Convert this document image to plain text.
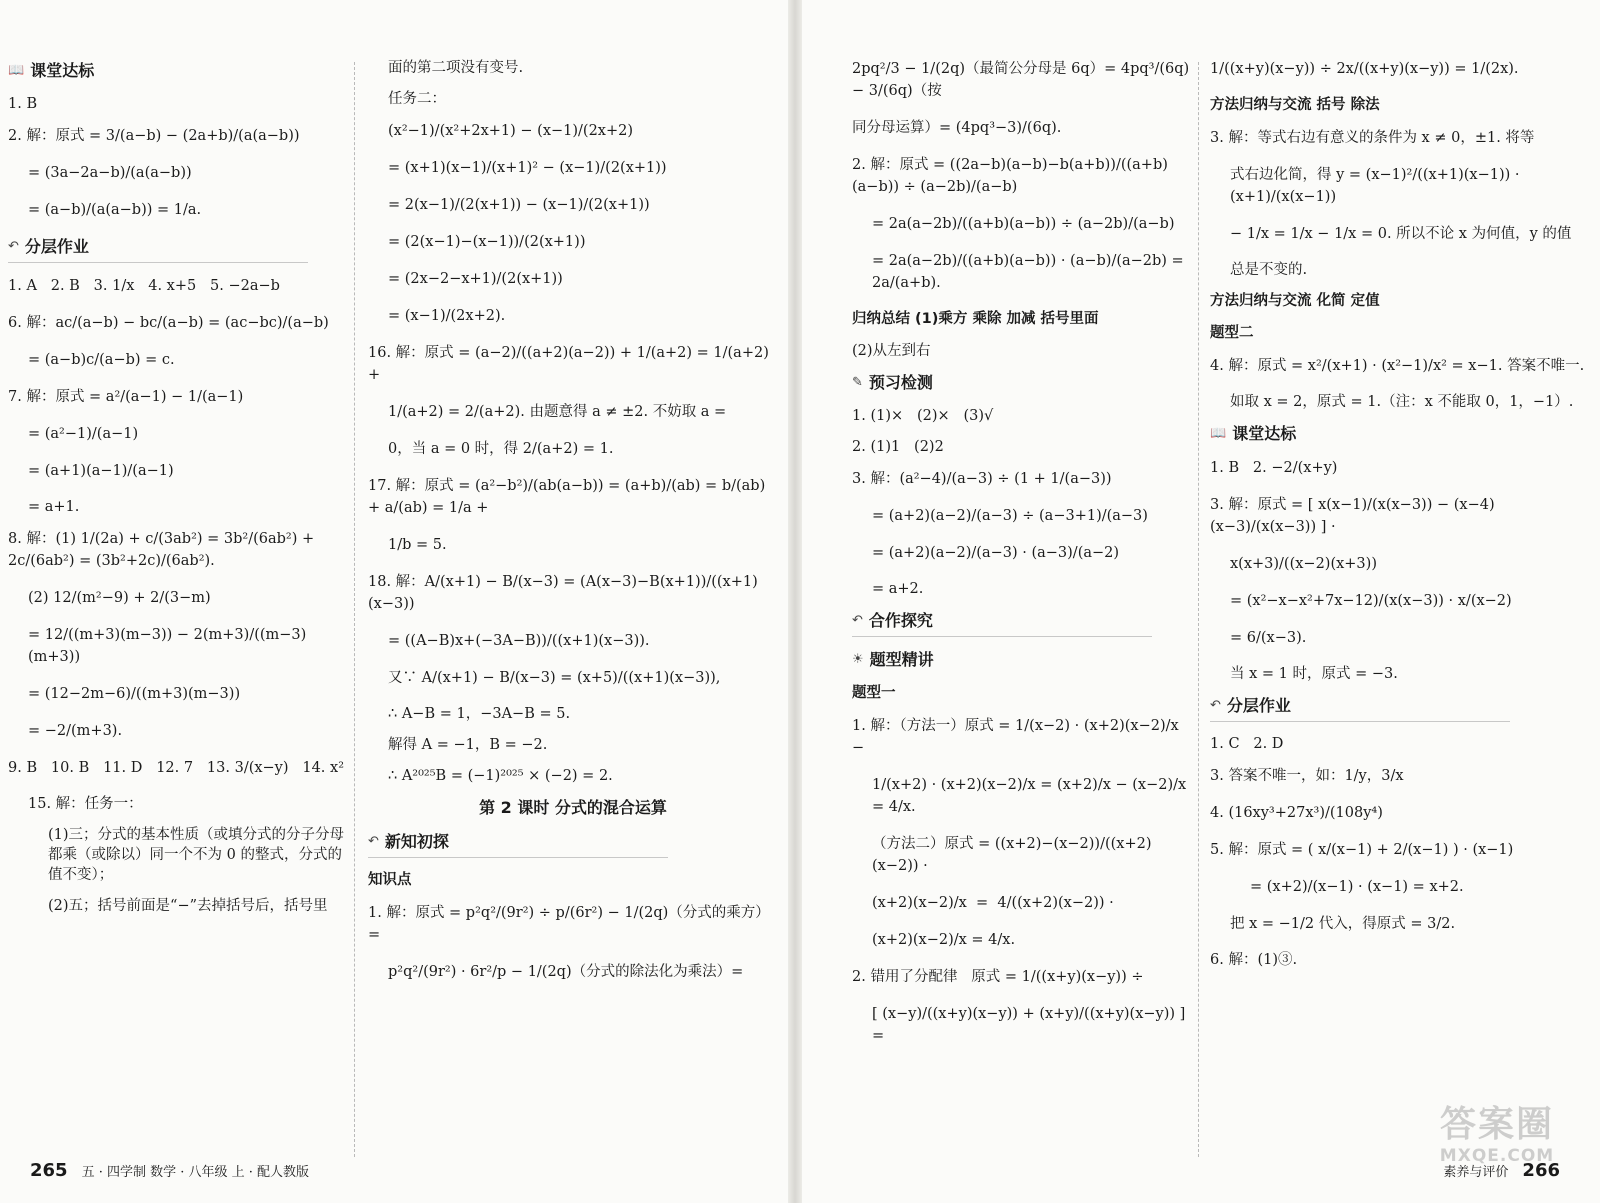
📖 课堂达标
1. B
2. 解：原式 = 3/(a−b) − (2a+b)/(a(a−b))
= (3a−2a−b)/(a(a−b))
= (a−b)/(a(a−b)) = 1/a.
↶ 分层作业
1. A   2. B   3. 1/x   4. x+5   5. −2a−b
6. 解：ac/(a−b) − bc/(a−b) = (ac−bc)/(a−b)
= (a−b)c/(a−b) = c.
7. 解：原式 = a²/(a−1) − 1/(a−1)
= (a²−1)/(a−1)
= (a+1)(a−1)/(a−1)
= a+1.
8. 解：(1) 1/(2a) + c/(3ab²) = 3b²/(6ab²) + 2c/(6ab²) = (3b²+2c)/(6ab²).
(2) 12/(m²−9) + 2/(3−m)
= 12/((m+3)(m−3)) − 2(m+3)/((m−3)(m+3))
= (12−2m−6)/((m+3)(m−3))
= −2/(m+3).
9. B   10. B   11. D   12. 7   13. 3/(x−y)   14. x²
15. 解：任务一：
(1)三；分式的基本性质（或填分式的分子分母都乘（或除以）同一个不为 0 的整式，分式的值不变）；
(2)五；括号前面是“−”去掉括号后，括号里
面的第二项没有变号.
任务二：
(x²−1)/(x²+2x+1) − (x−1)/(2x+2)
= (x+1)(x−1)/(x+1)² − (x−1)/(2(x+1))
= 2(x−1)/(2(x+1)) − (x−1)/(2(x+1))
= (2(x−1)−(x−1))/(2(x+1))
= (2x−2−x+1)/(2(x+1))
= (x−1)/(2x+2).
16. 解：原式 = (a−2)/((a+2)(a−2)) + 1/(a+2) = 1/(a+2) +
1/(a+2) = 2/(a+2). 由题意得 a ≠ ±2. 不妨取 a =
0，当 a = 0 时，得 2/(a+2) = 1.
17. 解：原式 = (a²−b²)/(ab(a−b)) = (a+b)/(ab) = b/(ab) + a/(ab) = 1/a +
1/b = 5.
18. 解：A/(x+1) − B/(x−3) = (A(x−3)−B(x+1))/((x+1)(x−3))
= ((A−B)x+(−3A−B))/((x+1)(x−3)).
又∵ A/(x+1) − B/(x−3) = (x+5)/((x+1)(x−3)),
∴ A−B = 1，−3A−B = 5.
解得 A = −1，B = −2.
∴ A²⁰²⁵B = (−1)²⁰²⁵ × (−2) = 2.
第 2 课时 分式的混合运算
↶ 新知初探
知识点
1. 解：原式 = p²q²/(9r²) ÷ p/(6r²) − 1/(2q)（分式的乘方）=
p²q²/(9r²) · 6r²/p − 1/(2q)（分式的除法化为乘法）=
265 五 · 四学制 数学 · 八年级 上 · 配人教版
2pq²/3 − 1/(2q)（最简公分母是 6q）= 4pq³/(6q) − 3/(6q)（按
同分母运算）= (4pq³−3)/(6q).
2. 解：原式 = ((2a−b)(a−b)−b(a+b))/((a+b)(a−b)) ÷ (a−2b)/(a−b)
= 2a(a−2b)/((a+b)(a−b)) ÷ (a−2b)/(a−b)
= 2a(a−2b)/((a+b)(a−b)) · (a−b)/(a−2b) = 2a/(a+b).
归纳总结 (1)乘方 乘除 加减 括号里面
(2)从左到右
✎ 预习检测
1. (1)×   (2)×   (3)√
2. (1)1   (2)2
3. 解：(a²−4)/(a−3) ÷ (1 + 1/(a−3))
= (a+2)(a−2)/(a−3) ÷ (a−3+1)/(a−3)
= (a+2)(a−2)/(a−3) · (a−3)/(a−2)
= a+2.
↶ 合作探究
☀ 题型精讲
题型一
1. 解：（方法一）原式 = 1/(x−2) · (x+2)(x−2)/x −
1/(x+2) · (x+2)(x−2)/x = (x+2)/x − (x−2)/x = 4/x.
（方法二）原式 = ((x+2)−(x−2))/((x+2)(x−2)) ·
(x+2)(x−2)/x  =  4/((x+2)(x−2)) ·
(x+2)(x−2)/x = 4/x.
2. 错用了分配律   原式 = 1/((x+y)(x−y)) ÷
[ (x−y)/((x+y)(x−y)) + (x+y)/((x+y)(x−y)) ] =
1/((x+y)(x−y)) ÷ 2x/((x+y)(x−y)) = 1/(2x).
方法归纳与交流 括号 除法
3. 解：等式右边有意义的条件为 x ≠ 0，±1. 将等
式右边化简，得 y = (x−1)²/((x+1)(x−1)) · (x+1)/(x(x−1))
− 1/x = 1/x − 1/x = 0. 所以不论 x 为何值，y 的值
总是不变的.
方法归纳与交流 化简 定值
题型二
4. 解：原式 = x²/(x+1) · (x²−1)/x² = x−1. 答案不唯一.
如取 x = 2，原式 = 1.（注：x 不能取 0，1，−1）.
📖 课堂达标
1. B   2. −2/(x+y)
3. 解：原式 = [ x(x−1)/(x(x−3)) − (x−4)(x−3)/(x(x−3)) ] ·
x(x+3)/((x−2)(x+3))
= (x²−x−x²+7x−12)/(x(x−3)) · x/(x−2)
= 6/(x−3).
当 x = 1 时，原式 = −3.
↶ 分层作业
1. C   2. D
3. 答案不唯一，如：1/y，3/x
4. (16xy³+27x³)/(108y⁴)
5. 解：原式 = ( x/(x−1) + 2/(x−1) ) · (x−1)
= (x+2)/(x−1) · (x−1) = x+2.
把 x = −1/2 代入，得原式 = 3/2.
6. 解：(1)③.
素养与评价 266
答案圈
MXQE.COM
